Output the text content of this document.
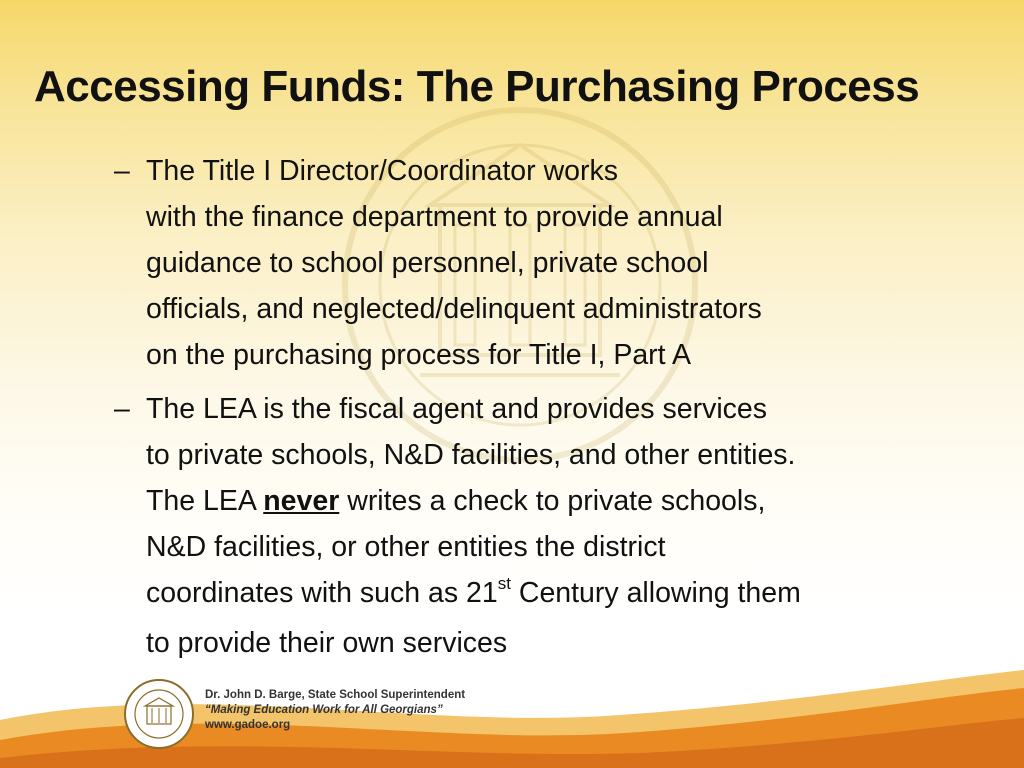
Accessing Funds: The Purchasing Process
– The Title I Director/Coordinator works
with the finance department to provide annual
guidance to school personnel, private school
officials, and neglected/delinquent administrators
on the purchasing process for Title I, Part A
– The LEA is the fiscal agent and provides services
to private schools, N&D facilities, and other entities.
The LEA never writes a check to private schools,
N&D facilities, or other entities the district
coordinates with such as 21st Century allowing them
to provide their own services
Dr. John D. Barge, State School Superintendent
“Making Education Work for All Georgians”
www.gadoe.org
